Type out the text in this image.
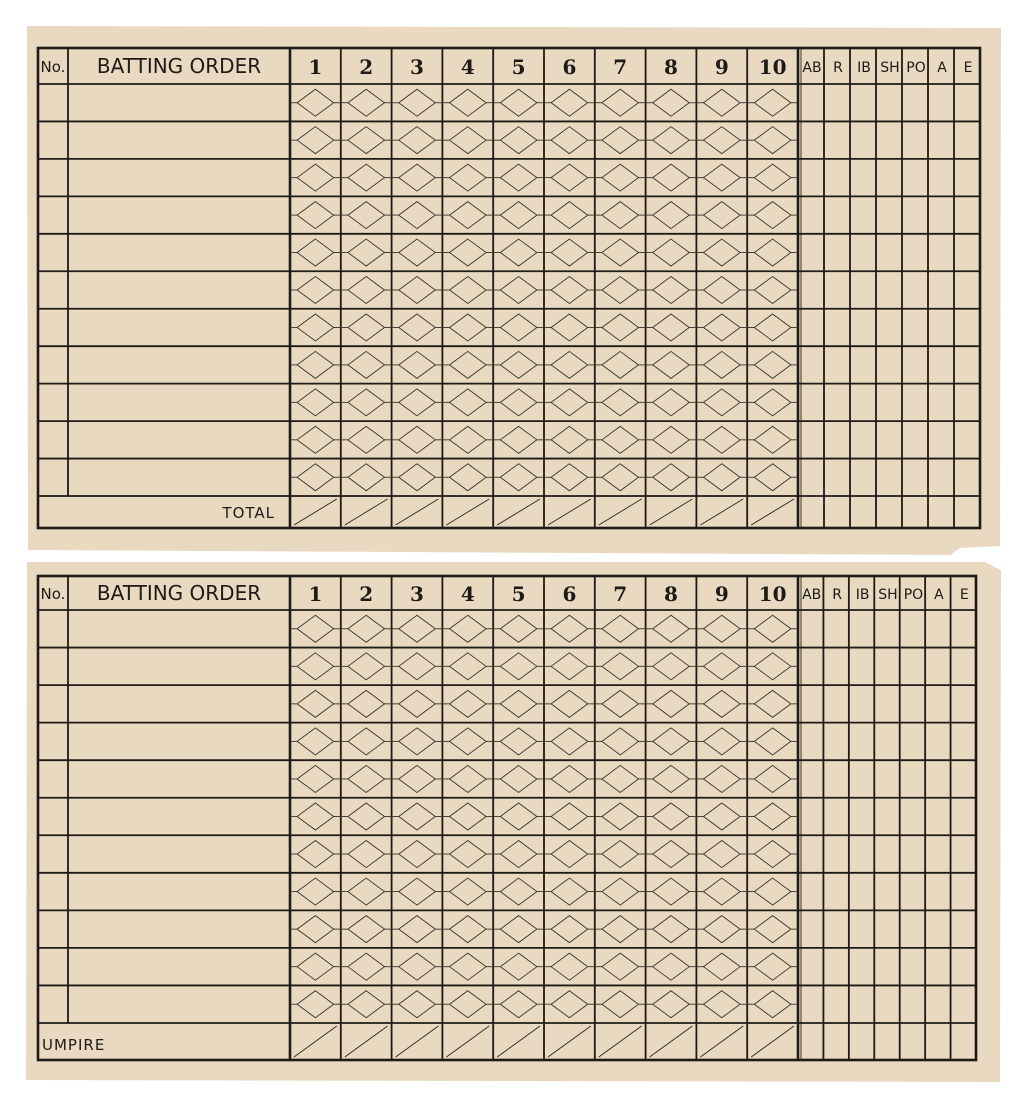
No. BATTING ORDER 1 2 3 4 5 6 7 8 9 10 AB R IB SH PO A E
TOTAL
No. BATTING ORDER 1 2 3 4 5 6 7 8 9 10 AB R IB SH PO A E
UMPIRE
